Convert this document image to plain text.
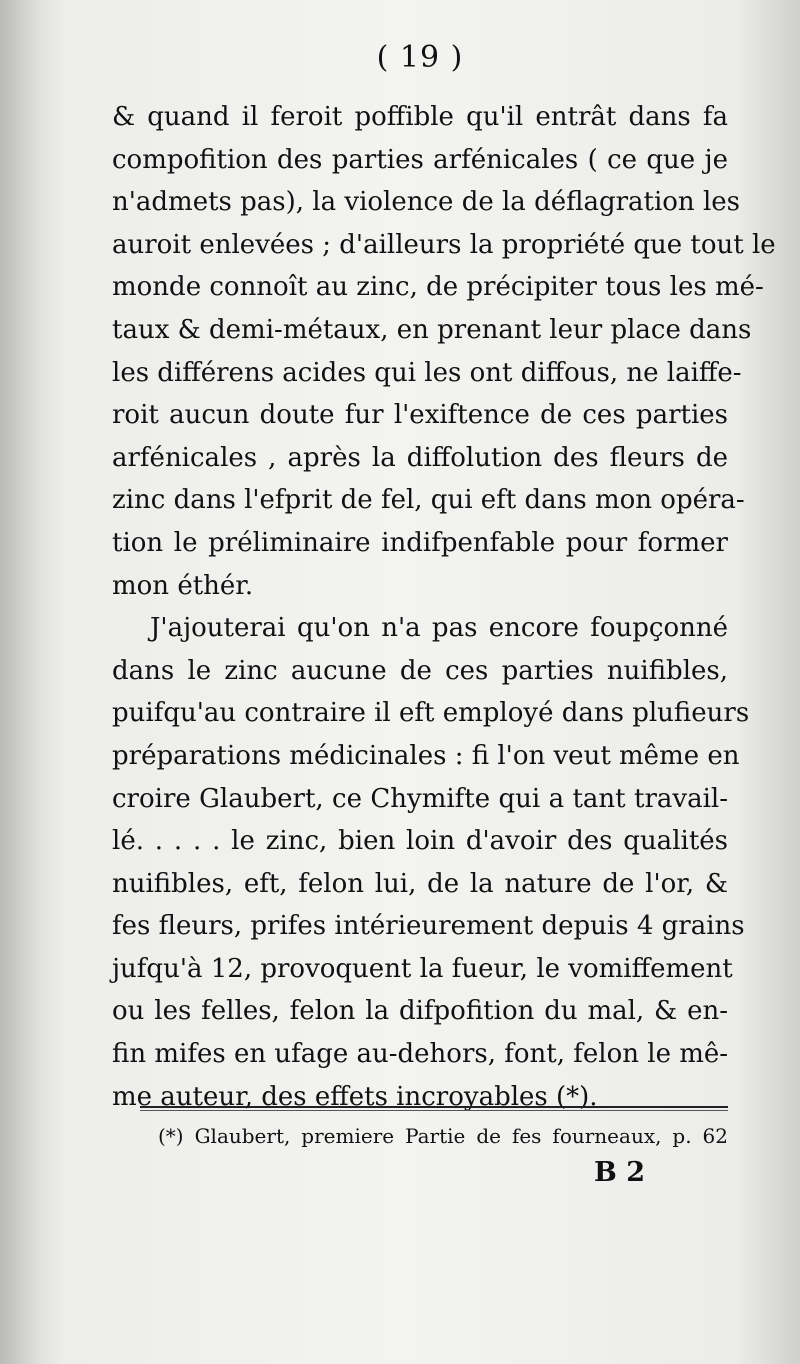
( 19 )
& quand il feroit poffible qu'il entrât dans fa
compofition des parties arfénicales ( ce que je
n'admets pas), la violence de la déflagration les
auroit enlevées ; d'ailleurs la propriété que tout le
monde connoît au zinc, de précipiter tous les mé-
taux & demi-métaux, en prenant leur place dans
les différens acides qui les ont diffous, ne laiffe-
roit aucun doute fur l'exiftence de ces parties
arfénicales , après la diffolution des fleurs de
zinc dans l'efprit de fel, qui eft dans mon opéra-
tion le préliminaire indifpenfable pour former
mon éthér.
J'ajouterai qu'on n'a pas encore foupçonné
dans le zinc aucune de ces parties nuifibles,
puifqu'au contraire il eft employé dans plufieurs
préparations médicinales : fi l'on veut même en
croire Glaubert, ce Chymifte qui a tant travail-
lé. . . . . le zinc, bien loin d'avoir des qualités
nuifibles, eft, felon lui, de la nature de l'or, &
fes fleurs, prifes intérieurement depuis 4 grains
jufqu'à 12, provoquent la fueur, le vomiffement
ou les felles, felon la difpofition du mal, & en-
fin mifes en ufage au-dehors, font, felon le mê-
me auteur, des effets incroyables (*).
(*) Glaubert, premiere Partie de fes fourneaux, p. 62
B 2
